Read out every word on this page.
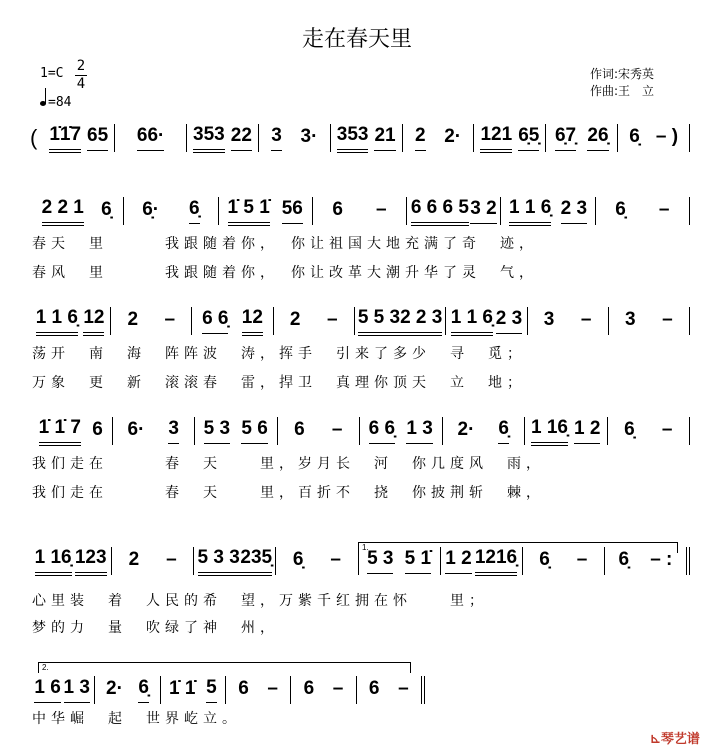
走在春天里
1=C 2
4
=84
作词:宋秀英
作曲:王　立
( 1̇1̇7 65 66· 353 22 3 3· 353 21 2 2· 121 6̣5̣ 6̣7̣ 26̣ 6̣ – )
2 2 1 6̣ 6̣· 6̣ 1̇ 5 1̇ 56 6 – 6 6 6 5 3 2 1 1 6̣ 2 3 6̣ –
春天　里　　　我跟随着你，　你让祖国大地充满了奇　迹，
春风　里　　　我跟随着你，　你让改革大潮升华了灵　气，
1 1 6̣ 12 2 – 6 6̣ 12 2 – 5 5 3 2 2 3 1 1 6̣ 2 3 3 – 3 –
荡开　南　海　阵阵波　涛，挥手　引来了多少　寻　觅；
万象　更　新　滚滚春　雷，捍卫　真理你顶天　立　地；
1̇ 1̇ 7 6 6· 3 5 3 5 6 6 – 6 6̣ 1 3 2· 6̣ 1 16̣ 1 2 6̣ –
我们走在　　　春　天　　里，岁月长　河　你几度风　雨，
我们走在　　　春　天　　里，百折不　挠　你披荆斩　棘，
1.
1 16̣ 123 2 – 5 3 3 235̣ 6̣ – 5 3 5 1̇ 1 2 1216̣ 6̣ – 6̣ – :
心里装　着　人民的希　望，万紫千红拥在怀　　里；
梦的力　量　吹绿了神　州，
2.
1 6 1 3 2· 6̣ 1̇ 1̇ 5 6 – 6 – 6 –
中华崛　起　世界屹立。
⊾琴艺谱
